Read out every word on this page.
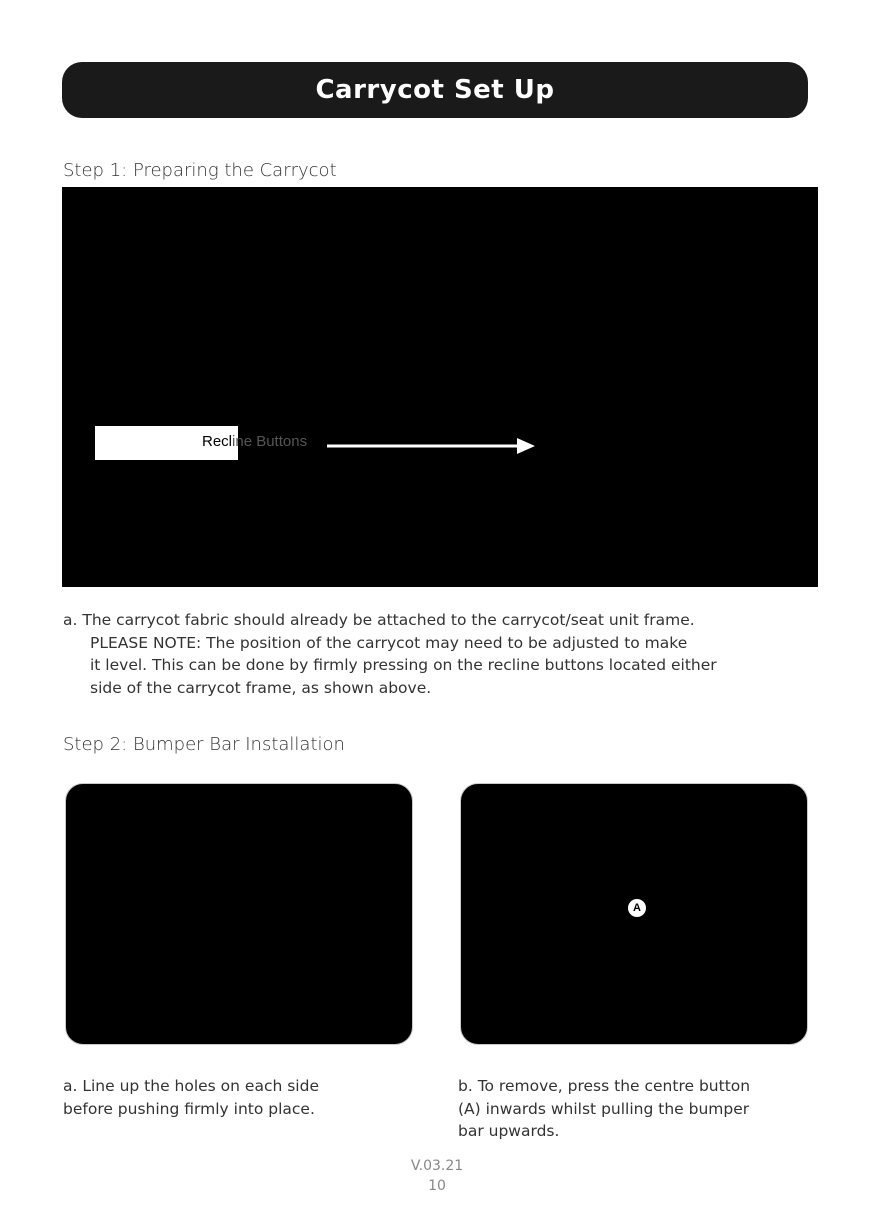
Carrycot Set Up

Step 1: Preparing the Carrycot

Recline Buttons

a. The carrycot fabric should already be attached to the carrycot/seat unit frame.
PLEASE NOTE: The position of the carrycot may need to be adjusted to make
it level. This can be done by firmly pressing on the recline buttons located either
side of the carrycot frame, as shown above.

Step 2: Bumper Bar Installation

A

a. Line up the holes on each side
before pushing firmly into place.

b. To remove, press the centre button
(A) inwards whilst pulling the bumper
bar upwards.

V.03.21

10
